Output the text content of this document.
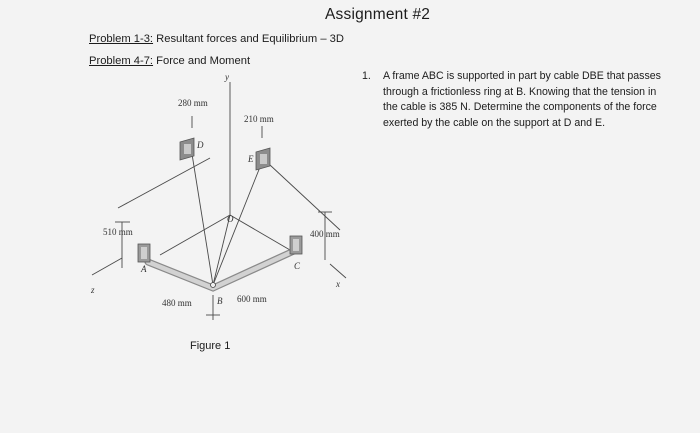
Assignment #2
Problem 1-3: Resultant forces and Equilibrium – 3D
Problem 4-7: Force and Moment
1. A frame ABC is supported in part by cable DBE that passes through a frictionless ring at B. Knowing that the tension in the cable is 385 N. Determine the components of the force exerted by the cable on the support at D and E.
280 mm
210 mm
510 mm	400 mm
480 mm	600 mm
y
x
z
A
B
C
D
E
O
Figure 1
